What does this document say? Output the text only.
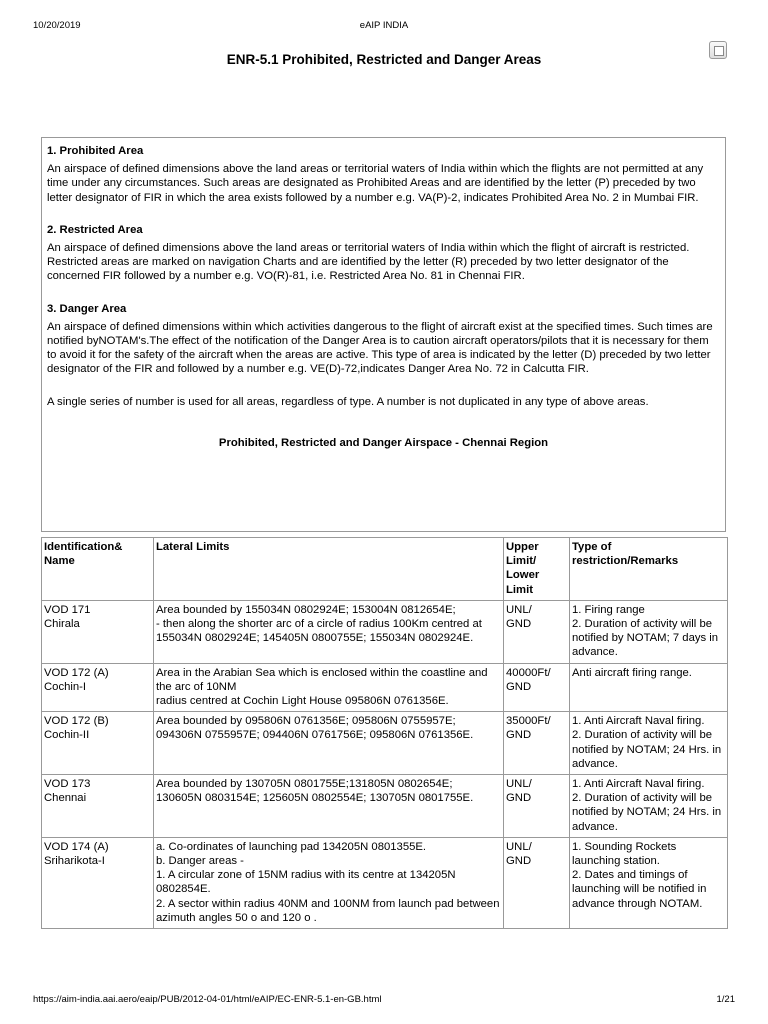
10/20/2019	eAIP INDIA
ENR-5.1 Prohibited, Restricted and Danger Areas
1. Prohibited Area

An airspace of defined dimensions above the land areas or territorial waters of India within which the flights are not permitted at any time under any circumstances. Such areas are designated as Prohibited Areas and are identified by the letter (P) preceded by two letter designator of FIR in which the area exists followed by a number e.g. VA(P)-2, indicates Prohibited Area No. 2 in Mumbai FIR.

2. Restricted Area

An airspace of defined dimensions above the land areas or territorial waters of India within which the flight of aircraft is restricted. Restricted areas are marked on navigation Charts and are identified by the letter (R) preceded by two letter designator of the concerned FIR followed by a number e.g. VO(R)-81, i.e. Restricted Area No. 81 in Chennai FIR.

3. Danger Area

An airspace of defined dimensions within which activities dangerous to the flight of aircraft exist at the specified times. Such times are notified byNOTAM's.The effect of the notification of the Danger Area is to caution aircraft operators/pilots that it is necessary for them to avoid it for the safety of the aircraft when the areas are active. This type of area is indicated by the letter (D) preceded by two letter designator of the FIR and followed by a number e.g. VE(D)-72,indicates Danger Area No. 72 in Calcutta FIR.

A single series of number is used for all areas, regardless of type. A number is not duplicated in any type of above areas.

Prohibited, Restricted and Danger Airspace - Chennai Region

Identification&
Name	Lateral Limits	Upper
Limit/
Lower
Limit	Type of
restriction/Remarks

VOD 171
Chirala	Area bounded by 155034N 0802924E; 153004N 0812654E;
- then along the shorter arc of a circle of radius 100Km centred at 155034N 0802924E; 145405N 0800755E; 155034N 0802924E.	UNL/
GND	1. Firing range
2. Duration of activity will be notified by NOTAM; 7 days in
advance.

VOD 172 (A)
Cochin-I	Area in the Arabian Sea which is enclosed within the coastline and the arc of 10NM
radius centred at Cochin Light House 095806N 0761356E.	40000Ft/
GND	Anti aircraft firing range.

VOD 172 (B)
Cochin-II	Area bounded by 095806N 0761356E; 095806N 0755957E; 094306N 0755957E; 094406N 0761756E; 095806N 0761356E.	35000Ft/
GND	1. Anti Aircraft Naval firing.
2. Duration of activity will be notified by NOTAM; 24 Hrs. in
advance.

VOD 173
Chennai	Area bounded by 130705N 0801755E;131805N 0802654E; 130605N 0803154E; 125605N 0802554E; 130705N 0801755E.	UNL/
GND	1. Anti Aircraft Naval firing.
2. Duration of activity will be notified by NOTAM; 24 Hrs. in
advance.

VOD 174 (A)
Sriharikota-I	a. Co-ordinates of launching pad 134205N 0801355E.
b. Danger areas -
1. A circular zone of 15NM radius with its centre at 134205N 0802854E.
2. A sector within radius 40NM and 100NM from launch pad between azimuth angles 50 o and 120 o .	UNL/
GND	1. Sounding Rockets launching station.
2. Dates and timings of launching will be notified in advance through NOTAM.
https://aim-india.aai.aero/eaip/PUB/2012-04-01/html/eAIP/EC-ENR-5.1-en-GB.html	1/21
